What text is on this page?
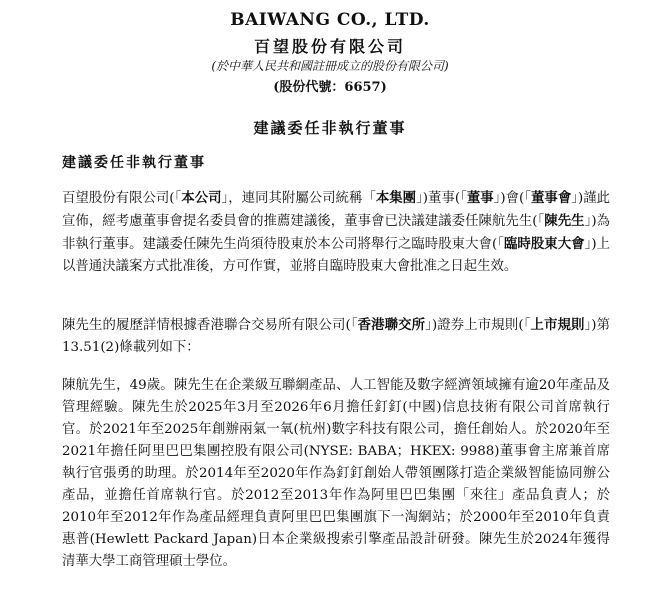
BAIWANG CO., LTD.
百望股份有限公司
(於中華人民共和國註冊成立的股份有限公司)
(股份代號：6657)
建議委任非執行董事
建議委任非執行董事

百望股份有限公司(「本公司」，連同其附屬公司統稱「本集團」)董事(「董事」)會(「董事會」)謹此宣佈，經考慮董事會提名委員會的推薦建議後，董事會已決議建議委任陳航先生(「陳先生」)為非執行董事。建議委任陳先生尚須待股東於本公司將舉行之臨時股東大會(「臨時股東大會」)上以普通決議案方式批准後，方可作實，並將自臨時股東大會批准之日起生效。

陳先生的履歷詳情根據香港聯合交易所有限公司(「香港聯交所」)證券上市規則(「上市規則」)第13.51(2)條載列如下：

陳航先生，49歲。陳先生在企業級互聯網產品、人工智能及數字經濟領域擁有逾20年產品及管理經驗。陳先生於2025年3月至2026年6月擔任釘釘(中國)信息技術有限公司首席執行官。於2021年至2025年創辦兩氣一氧(杭州)數字科技有限公司，擔任創始人。於2020年至2021年擔任阿里巴巴集團控股有限公司(NYSE: BABA；HKEX: 9988)董事會主席兼首席執行官張勇的助理。於2014年至2020年作為釘釘創始人帶領團隊打造企業級智能協同辦公產品，並擔任首席執行官。於2012至2013年作為阿里巴巴集團「來往」產品負責人；於2010年至2012年作為產品經理負責阿里巴巴集團旗下一淘網站；於2000年至2010年負責惠普(Hewlett Packard Japan)日本企業級搜索引擎產品設計研發。陳先生於2024年獲得清華大學工商管理碩士學位。
